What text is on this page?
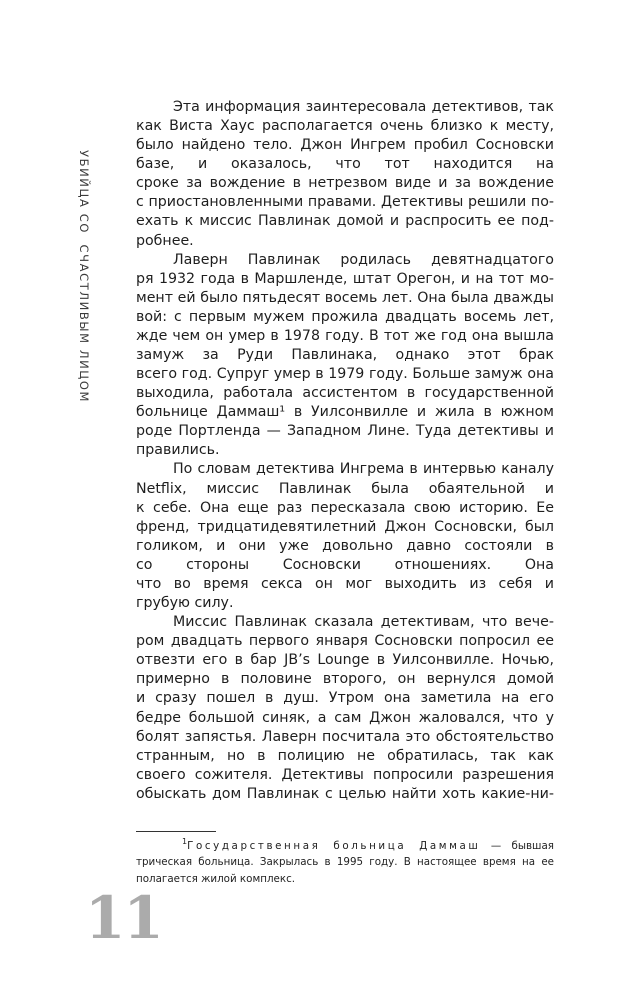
УБИЙЦА СО  СЧАСТЛИВЫМ ЛИЦОМ
Эта информация заинтересовала детективов, так
как Виста Хаус располагается очень близко к месту,
было найдено тело. Джон Ингрем пробил Сосновски
базе, и оказалось, что тот находится на
сроке за вождение в нетрезвом виде и за вождение
с приостановленными правами. Детективы решили по-
ехать к миссис Павлинак домой и распросить ее под-
робнее.
Лаверн Павлинак родилась девятнадцатого
ря 1932 года в Маршленде, штат Орегон, и на тот мо-
мент ей было пятьдесят восемь лет. Она была дважды
вой: с первым мужем прожила двадцать восемь лет,
жде чем он умер в 1978 году. В тот же год она вышла
замуж за Руди Павлинака, однако этот брак
всего год. Супруг умер в 1979 году. Больше замуж она
выходила, работала ассистентом в государственной
больнице Даммаш¹ в Уилсонвилле и жила в южном
роде Портленда — Западном Лине. Туда детективы и
правились.
По словам детектива Ингрема в интервью каналу
Netflix, миссис Павлинак была обаятельной и
к себе. Она еще раз пересказала свою историю. Ее
френд, тридцатидевятилетний Джон Сосновски, был
голиком, и они уже довольно давно состояли в
со стороны Сосновски отношениях. Она
что во время секса он мог выходить из себя и
грубую силу.
Миссис Павлинак сказала детективам, что вече-
ром двадцать первого января Сосновски попросил ее
отвезти его в бар JB’s Lounge в Уилсонвилле. Ночью,
примерно в половине второго, он вернулся домой
и сразу пошел в душ. Утром она заметила на его
бедре большой синяк, а сам Джон жаловался, что у
болят запястья. Лаверн посчитала это обстоятельство
странным, но в полицию не обратилась, так как
своего сожителя. Детективы попросили разрешения
обыскать дом Павлинак с целью найти хоть какие-ни-
$^1$Государственная больница Даммаш — бывшая
трическая больница. Закрылась в 1995 году. В настоящее время на ее
полагается жилой комплекс.
11
